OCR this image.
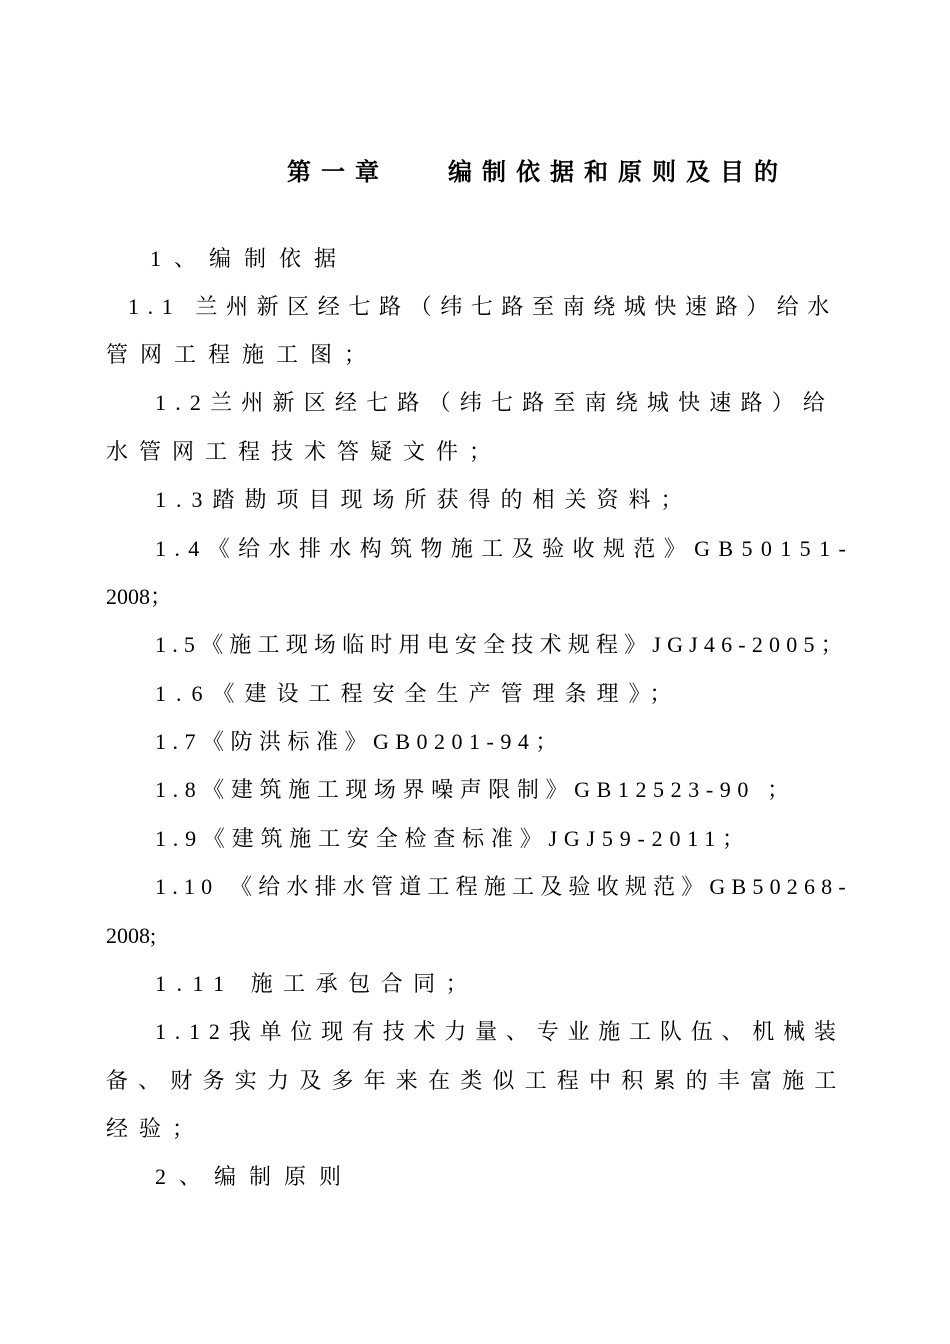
第一章 编制依据和原则及目的
1、编制依据
1.1 兰州新区经七路（纬七路至南绕城快速路）给水
管网工程施工图；
1.2兰州新区经七路（纬七路至南绕城快速路）给
水管网工程技术答疑文件；
1.3踏勘项目现场所获得的相关资料；
1.4《给水排水构筑物施工及验收规范》GB50151-
2008；
1.5《施工现场临时用电安全技术规程》JGJ46-2005；
1.6《建设工程安全生产管理条理》；
1.7《防洪标准》GB0201-94；
1.8《建筑施工现场界噪声限制》GB12523-90 ；
1.9《建筑施工安全检查标准》JGJ59-2011；
1.10 《给水排水管道工程施工及验收规范》GB50268-
2008;
1.11 施工承包合同；
1.12我单位现有技术力量、专业施工队伍、机械装
备、财务实力及多年来在类似工程中积累的丰富施工
经验；
2、编制原则
